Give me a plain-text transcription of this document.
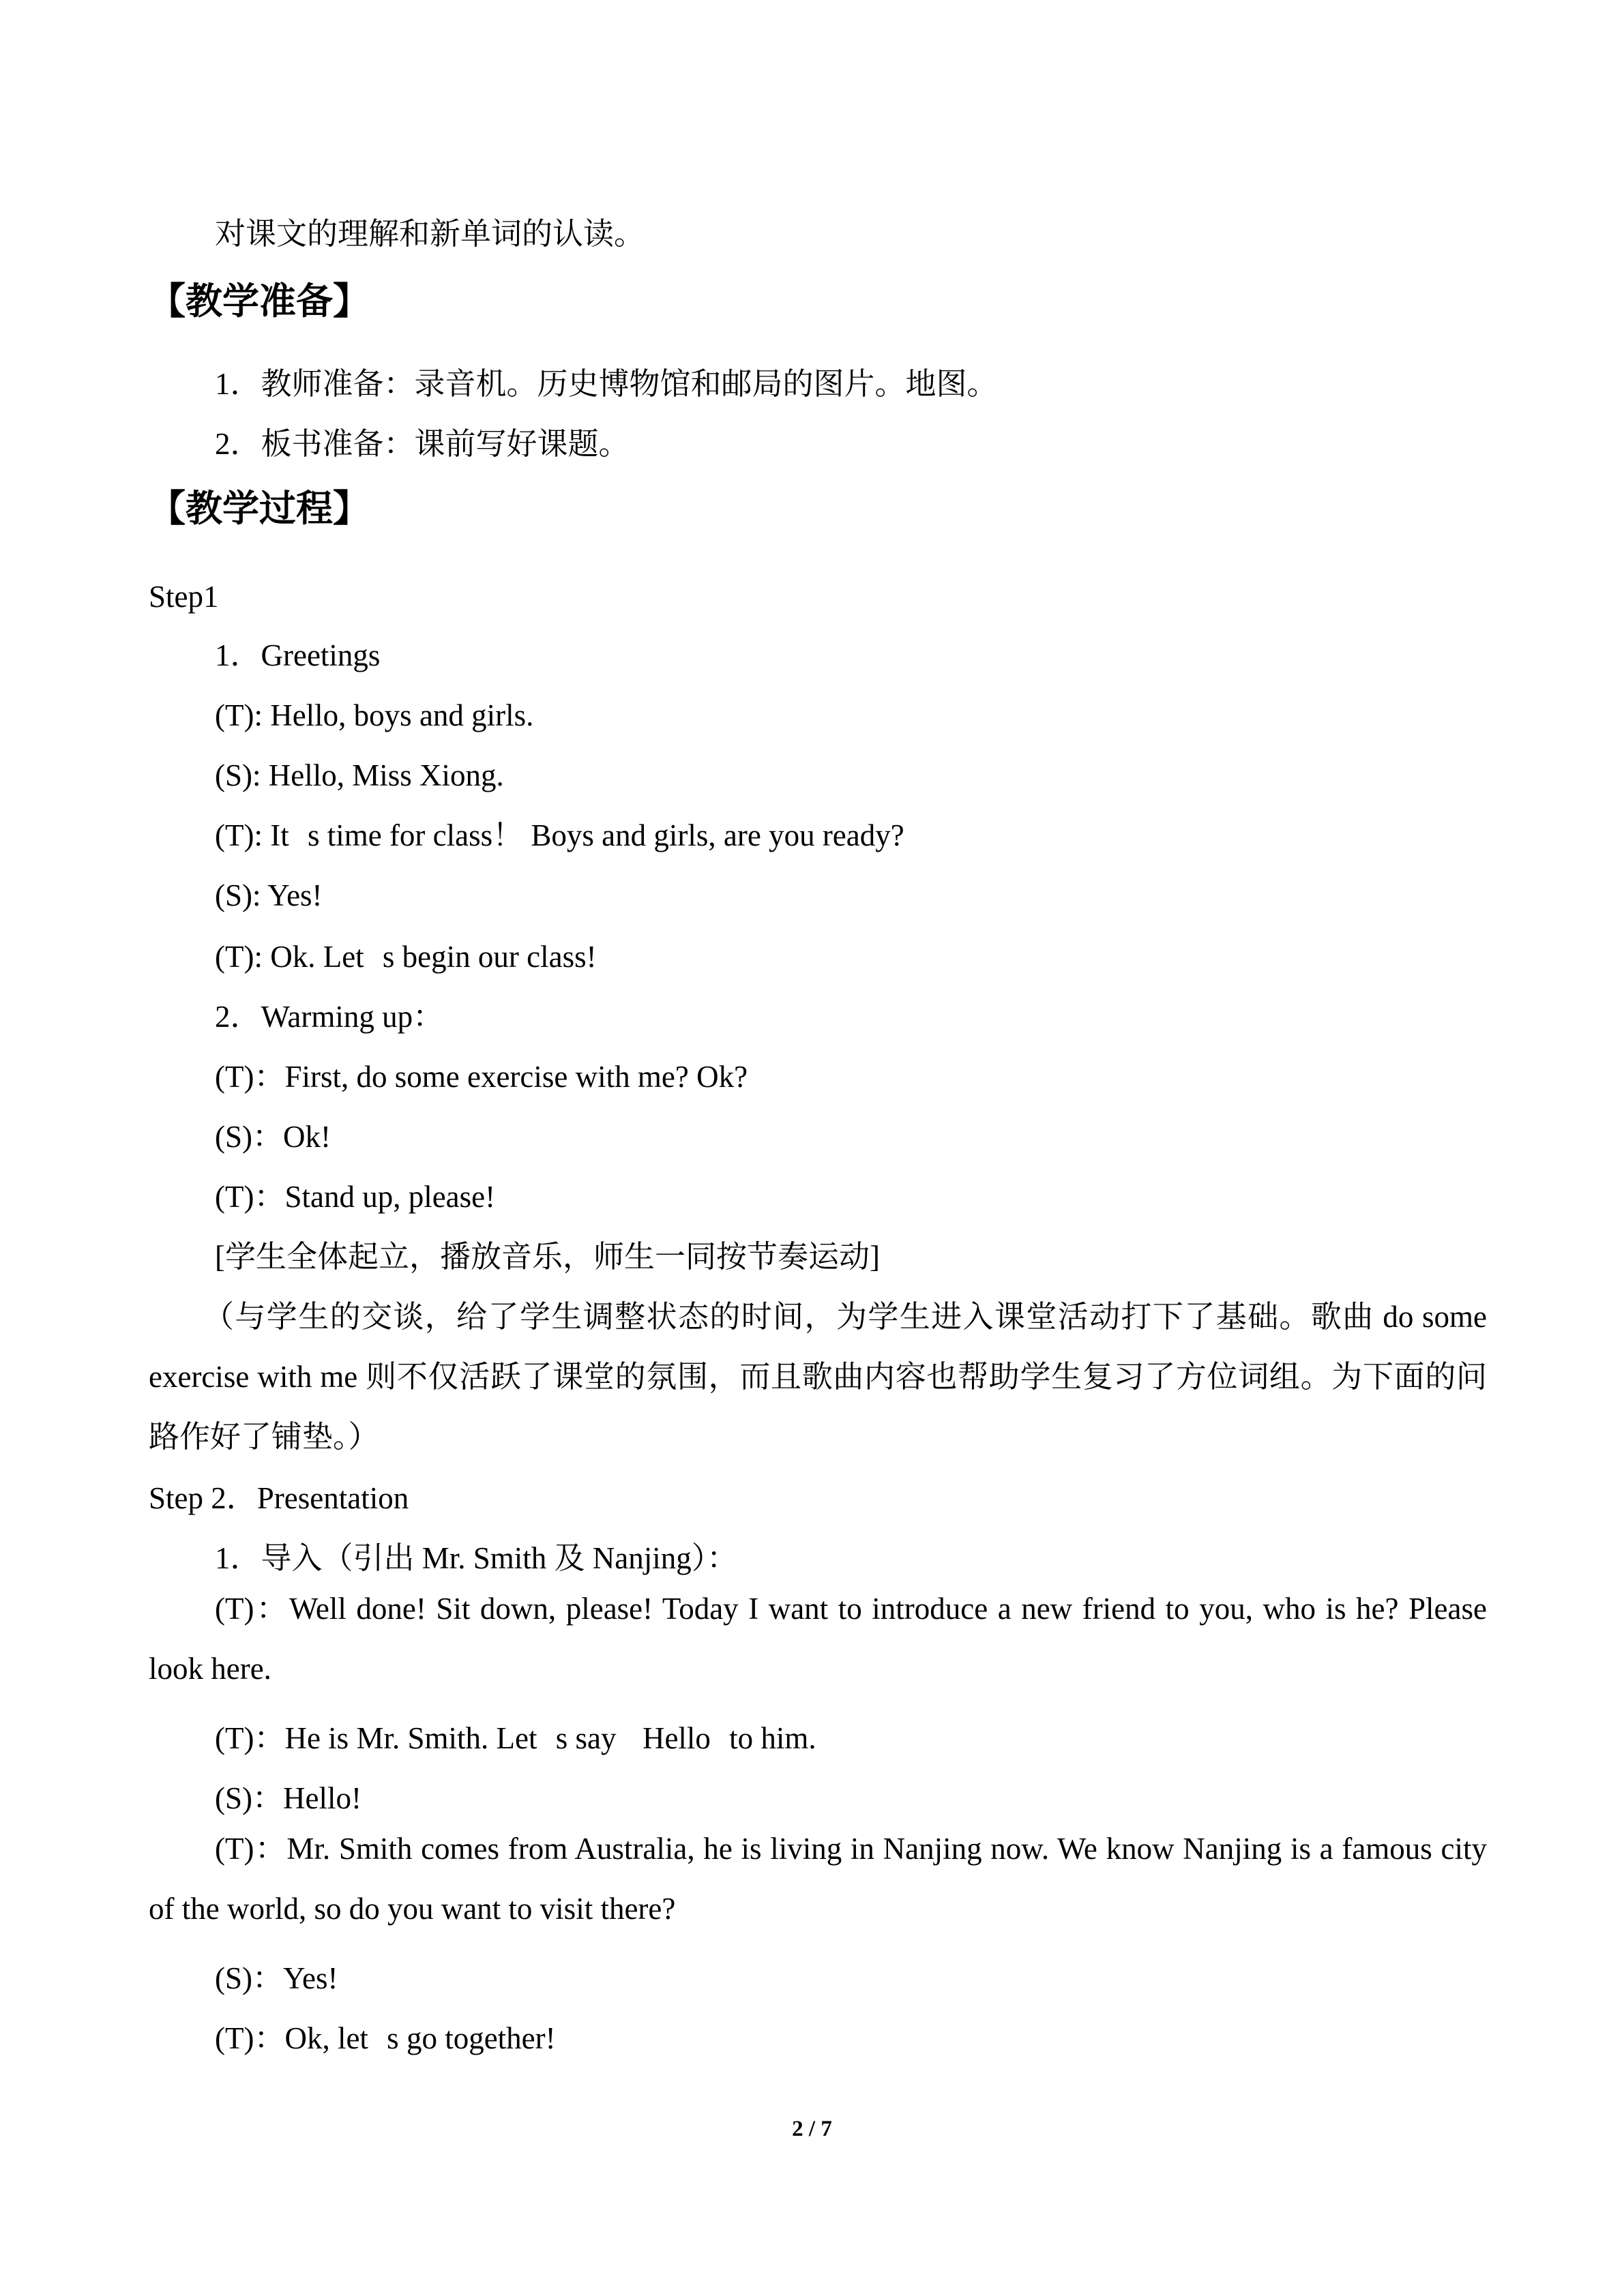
对课文的理解和新单词的认读。
【教学准备】
1．教师准备：录音机。历史博物馆和邮局的图片。地图。
2．板书准备：课前写好课题。
【教学过程】
Step1
1．Greetings
(T): Hello, boys and girls.
(S): Hello, Miss Xiong.
(T): Its time for class！ Boys and girls, are you ready?
(S): Yes!
(T): Ok. Lets begin our class!
2．Warming up：
(T)：First, do some exercise with me? Ok?
(S)：Ok!
(T)：Stand up, please!
[学生全体起立，播放音乐，师生一同按节奏运动]
（与学生的交谈，给了学生调整状态的时间，为学生进入课堂活动打下了基础。歌曲 do some exercise with me 则不仅活跃了课堂的氛围，而且歌曲内容也帮助学生复习了方位词组。为下面的问路作好了铺垫。）
Step 2．Presentation
1．导入（引出 Mr. Smith 及 Nanjing）：
(T)：Well done! Sit down, please! Today I want to introduce a new friend to you, who is he? Please look here.
(T)：He is Mr. Smith. Lets say Helloto him.
(S)：Hello!
(T)：Mr. Smith comes from Australia, he is living in Nanjing now. We know Nanjing is a famous city of the world, so do you want to visit there?
(S)：Yes!
(T)：Ok, lets go together!
2 / 7
